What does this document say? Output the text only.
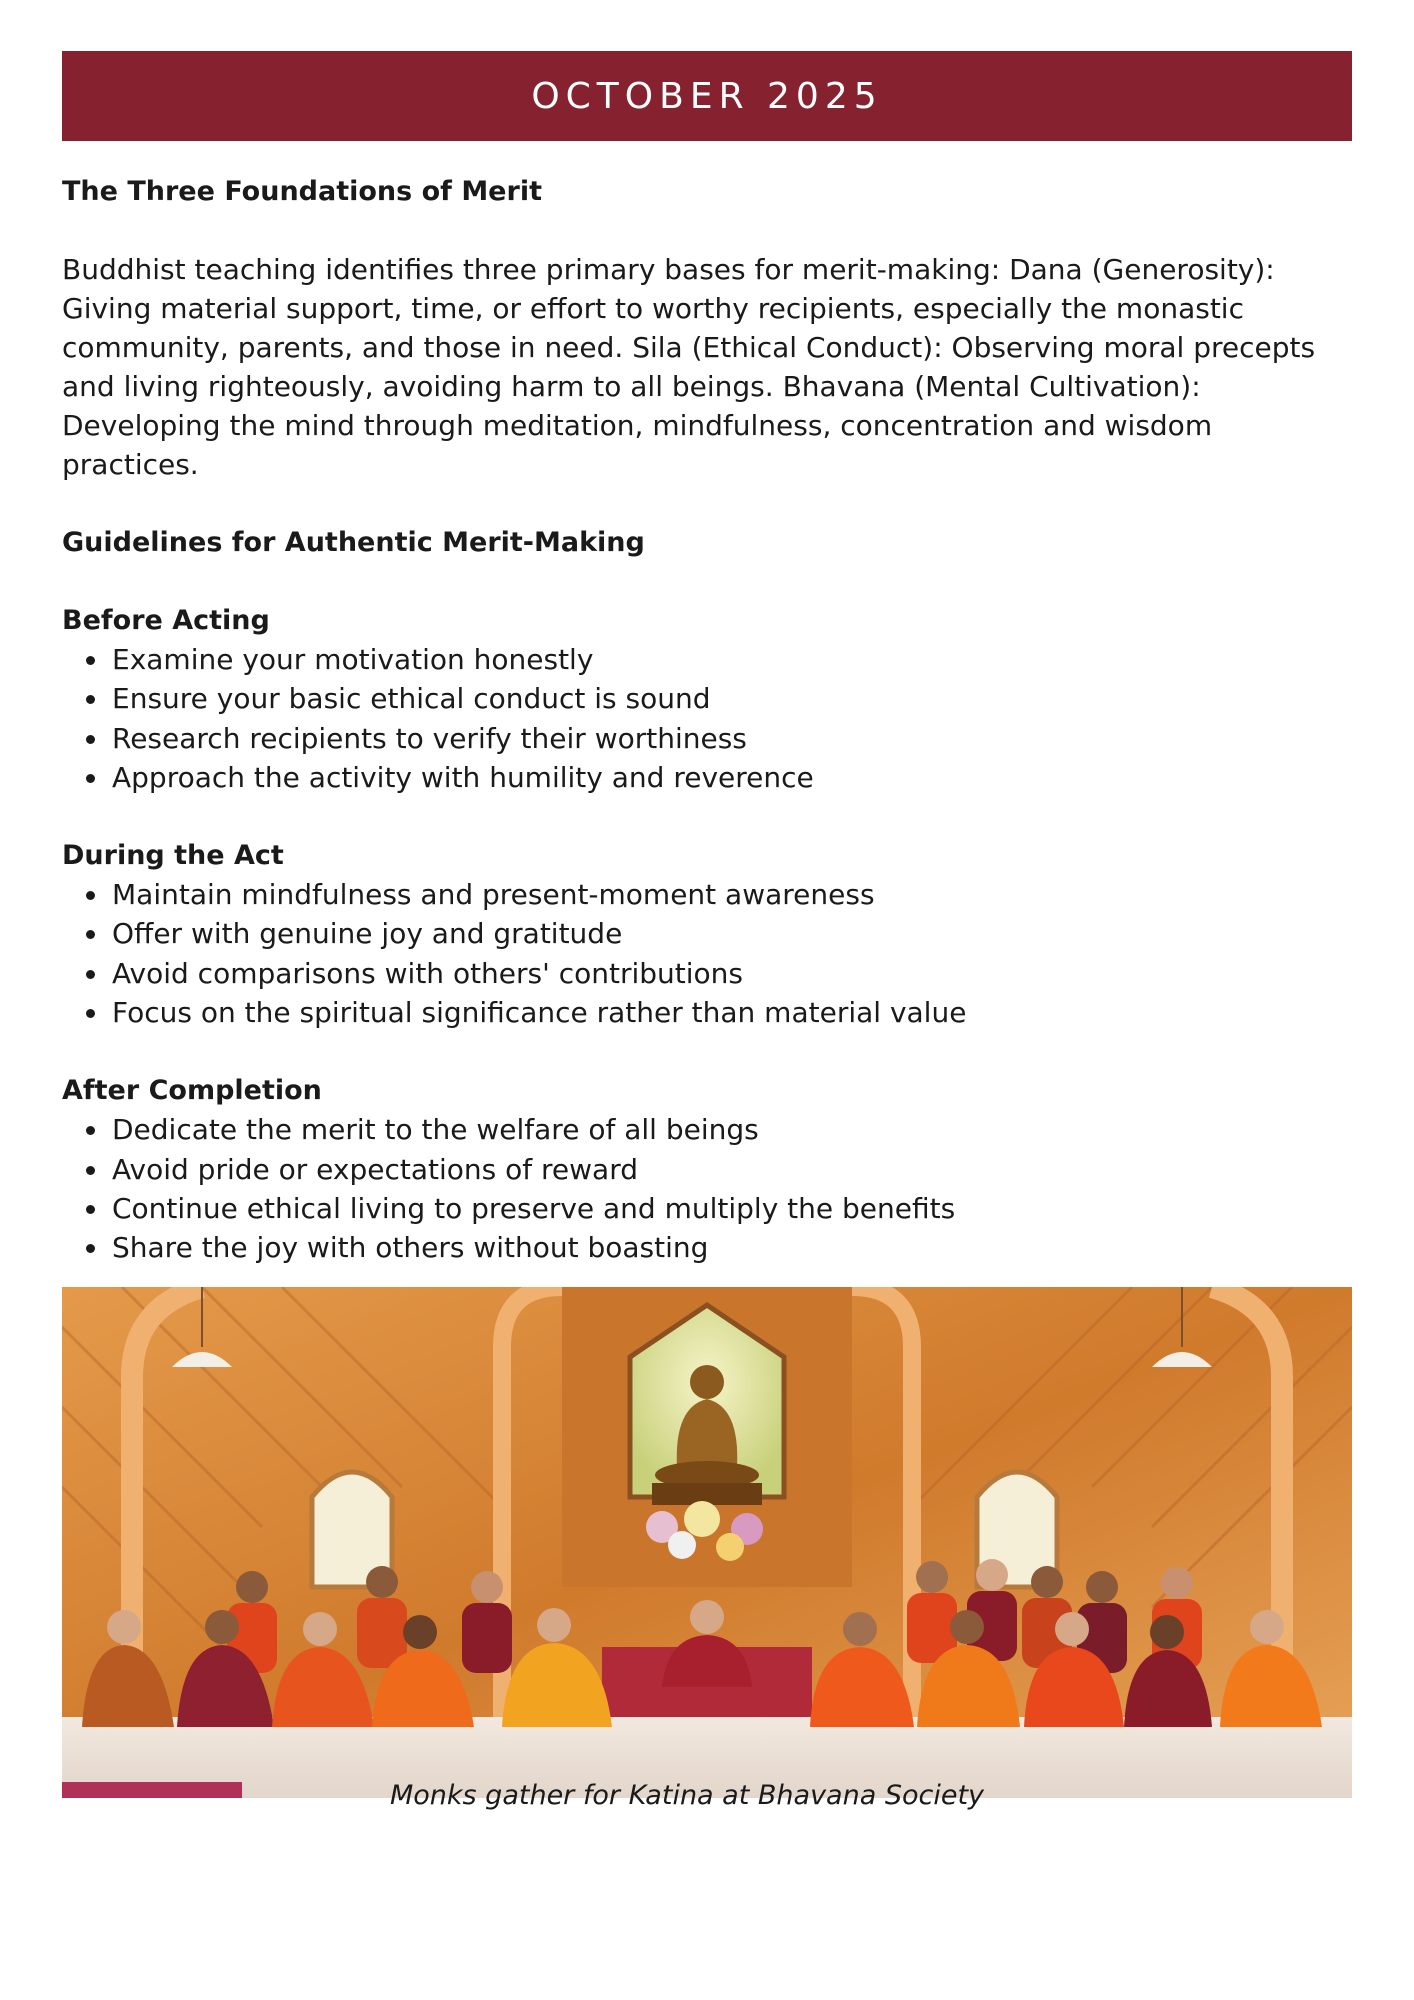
OCTOBER 2025

The Three Foundations of Merit

Buddhist teaching identifies three primary bases for merit-making: Dana (Generosity): Giving material support, time, or effort to worthy recipients, especially the monastic community, parents, and those in need. Sila (Ethical Conduct): Observing moral precepts and living righteously, avoiding harm to all beings. Bhavana (Mental Cultivation): Developing the mind through meditation, mindfulness, concentration and wisdom practices.

Guidelines for Authentic Merit-Making

Before Acting

• Examine your motivation honestly
• Ensure your basic ethical conduct is sound
• Research recipients to verify their worthiness
• Approach the activity with humility and reverence

During the Act

• Maintain mindfulness and present-moment awareness
• Offer with genuine joy and gratitude
• Avoid comparisons with others' contributions
• Focus on the spiritual significance rather than material value

After Completion

• Dedicate the merit to the welfare of all beings
• Avoid pride or expectations of reward
• Continue ethical living to preserve and multiply the benefits
• Share the joy with others without boasting
Monks gather for Katina at Bhavana Society
